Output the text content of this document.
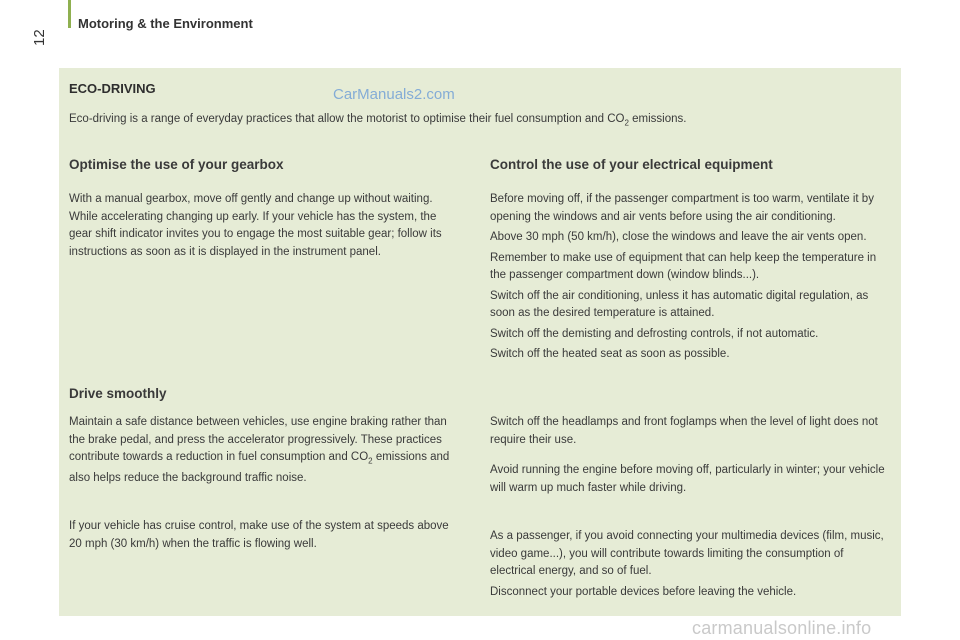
Motoring & the Environment
12
ECO-DRIVING	CarManuals2.com
Eco-driving is a range of everyday practices that allow the motorist to optimise their fuel consumption and $CO_2$ emissions.
Optimise the use of your gearbox

With a manual gearbox, move off gently and change up without waiting. While accelerating changing up early. If your vehicle has the system, the gear shift indicator invites you to engage the most suitable gear; follow its instructions as soon as it is displayed in the instrument panel.

Drive smoothly

Maintain a safe distance between vehicles, use engine braking rather than the brake pedal, and press the accelerator progressively. These practices contribute towards a reduction in fuel consumption and $CO_2$ emissions and also helps reduce the background traffic noise.

If your vehicle has cruise control, make use of the system at speeds above 20 mph (30 km/h) when the traffic is flowing well.

Control the use of your electrical equipment

Before moving off, if the passenger compartment is too warm, ventilate it by opening the windows and air vents before using the air conditioning.

Above 30 mph (50 km/h), close the windows and leave the air vents open.

Remember to make use of equipment that can help keep the temperature in the passenger compartment down (window blinds...).

Switch off the air conditioning, unless it has automatic digital regulation, as soon as the desired temperature is attained.

Switch off the demisting and defrosting controls, if not automatic.

Switch off the heated seat as soon as possible.

Switch off the headlamps and front foglamps when the level of light does not require their use.

Avoid running the engine before moving off, particularly in winter; your vehicle will warm up much faster while driving.

As a passenger, if you avoid connecting your multimedia devices (film, music, video game...), you will contribute towards limiting the consumption of electrical energy, and so of fuel.

Disconnect your portable devices before leaving the vehicle.

carmanualsonline.info
